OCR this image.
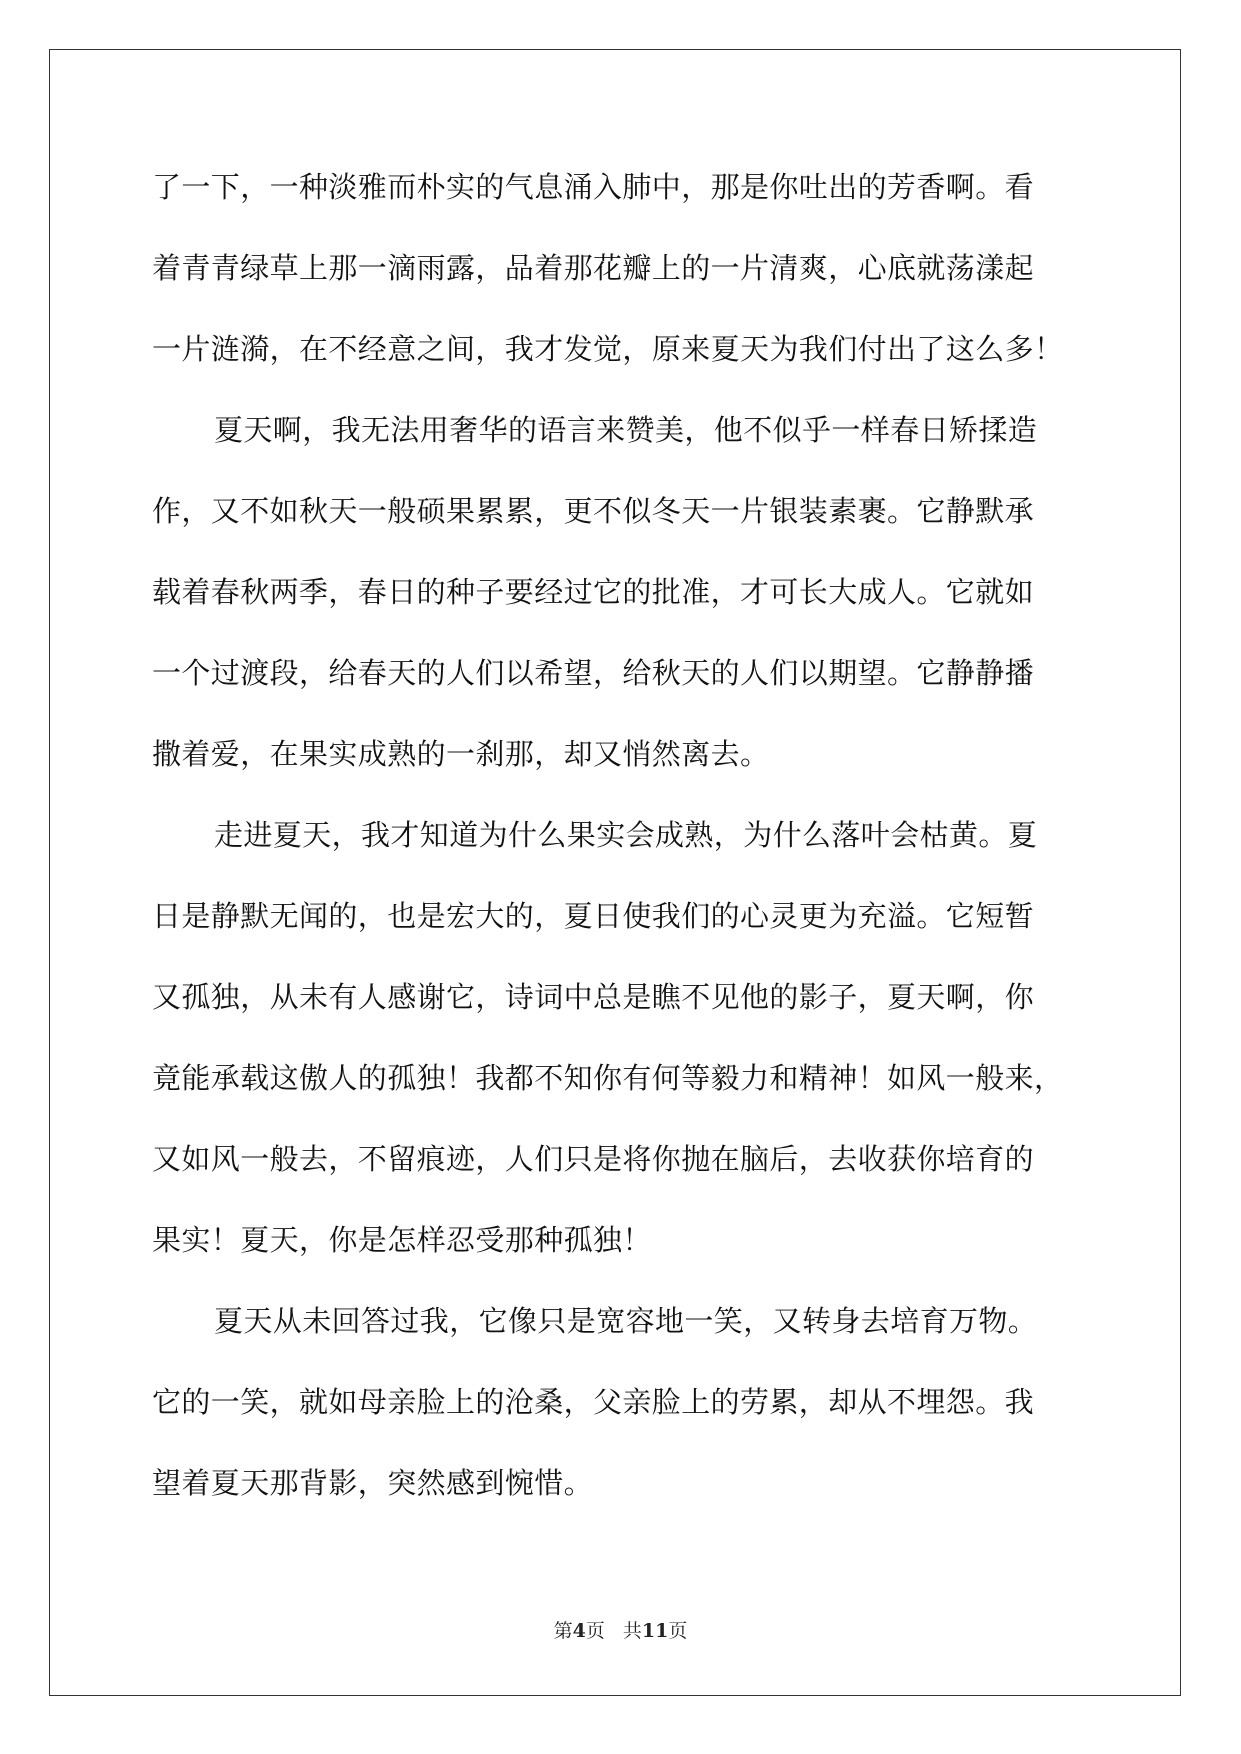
了一下，一种淡雅而朴实的气息涌入肺中，那是你吐出的芳香啊。看
着青青绿草上那一滴雨露，品着那花瓣上的一片清爽，心底就荡漾起
一片涟漪，在不经意之间，我才发觉，原来夏天为我们付出了这么多！
夏天啊，我无法用奢华的语言来赞美，他不似乎一样春日矫揉造
作，又不如秋天一般硕果累累，更不似冬天一片银装素裹。它静默承
载着春秋两季，春日的种子要经过它的批准，才可长大成人。它就如
一个过渡段，给春天的人们以希望，给秋天的人们以期望。它静静播
撒着爱，在果实成熟的一刹那，却又悄然离去。
走进夏天，我才知道为什么果实会成熟，为什么落叶会枯黄。夏
日是静默无闻的，也是宏大的，夏日使我们的心灵更为充溢。它短暂
又孤独，从未有人感谢它，诗词中总是瞧不见他的影子，夏天啊，你
竟能承载这傲人的孤独！我都不知你有何等毅力和精神！如风一般来，
又如风一般去，不留痕迹，人们只是将你抛在脑后，去收获你培育的
果实！夏天，你是怎样忍受那种孤独！
夏天从未回答过我，它像只是宽容地一笑，又转身去培育万物。
它的一笑，就如母亲脸上的沧桑，父亲脸上的劳累，却从不埋怨。我
望着夏天那背影，突然感到惋惜。
第4页 共11页
